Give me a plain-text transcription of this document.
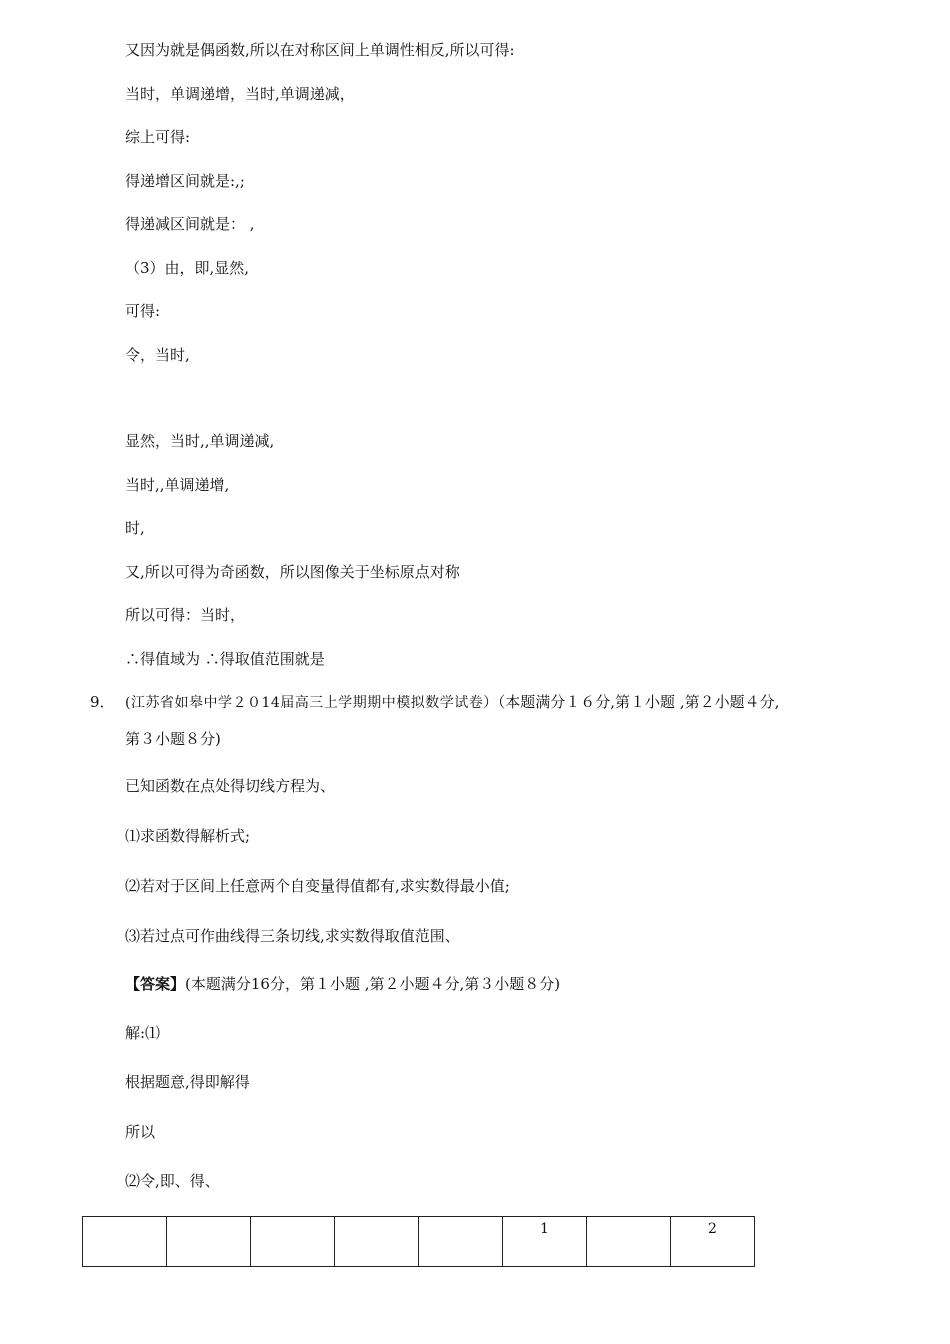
又因为就是偶函数,所以在对称区间上单调性相反,所以可得:
当时，单调递增，当时,单调递减，
综上可得:
得递增区间就是:,;
得递减区间就是： ,
（3）由，即,显然,
可得:
令，当时,
显然，当时,,单调递减,
当时,,单调递增,
时,
又,所以可得为奇函数，所以图像关于坐标原点对称
所以可得：当时，
∴得值域为 ∴得取值范围就是
9． (江苏省如皋中学２０14届高三上学期期中模拟数学试卷）（本题满分１６分,第１小题 ,第２小题４分,
第３小题８分)
已知函数在点处得切线方程为、
⑴求函数得解析式;
⑵若对于区间上任意两个自变量得值都有,求实数得最小值;
⑶若过点可作曲线得三条切线,求实数得取值范围、
【答案】(本题满分16分，第１小题 ,第２小题４分,第３小题８分)
解:⑴
根据题意,得即解得
所以
⑵令,即、得、
					1		2
